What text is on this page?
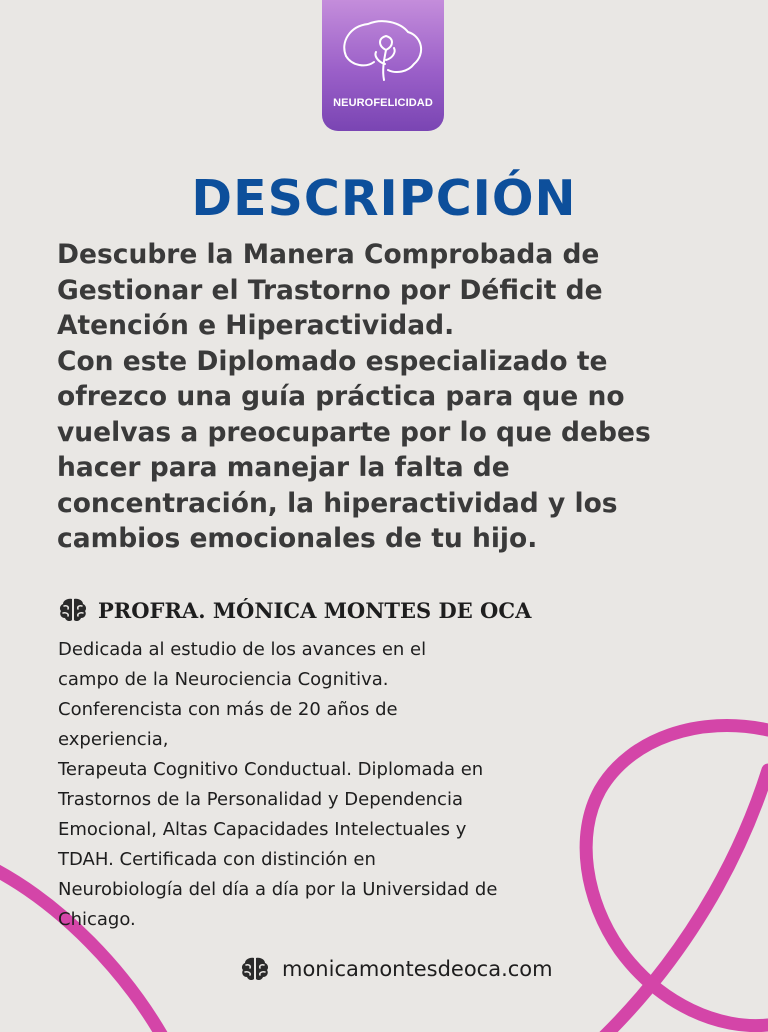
NEUROFELICIDAD
DESCRIPCIÓN

Descubre la Manera Comprobada de
Gestionar el Trastorno por Déficit de
Atención e Hiperactividad.
Con este Diplomado especializado te
ofrezco una guía práctica para que no
vuelvas a preocuparte por lo que debes
hacer para manejar la falta de
concentración, la hiperactividad y los
cambios emocionales de tu hijo.

PROFRA. MÓNICA MONTES DE OCA

Dedicada al estudio de los avances en el
campo de la Neurociencia Cognitiva.
Conferencista con más de 20 años de
experiencia,
Terapeuta Cognitivo Conductual. Diplomada en
Trastornos de la Personalidad y Dependencia
Emocional, Altas Capacidades Intelectuales y
TDAH. Certificada con distinción en
Neurobiología del día a día por la Universidad de
Chicago.

monicamontesdeoca.com
